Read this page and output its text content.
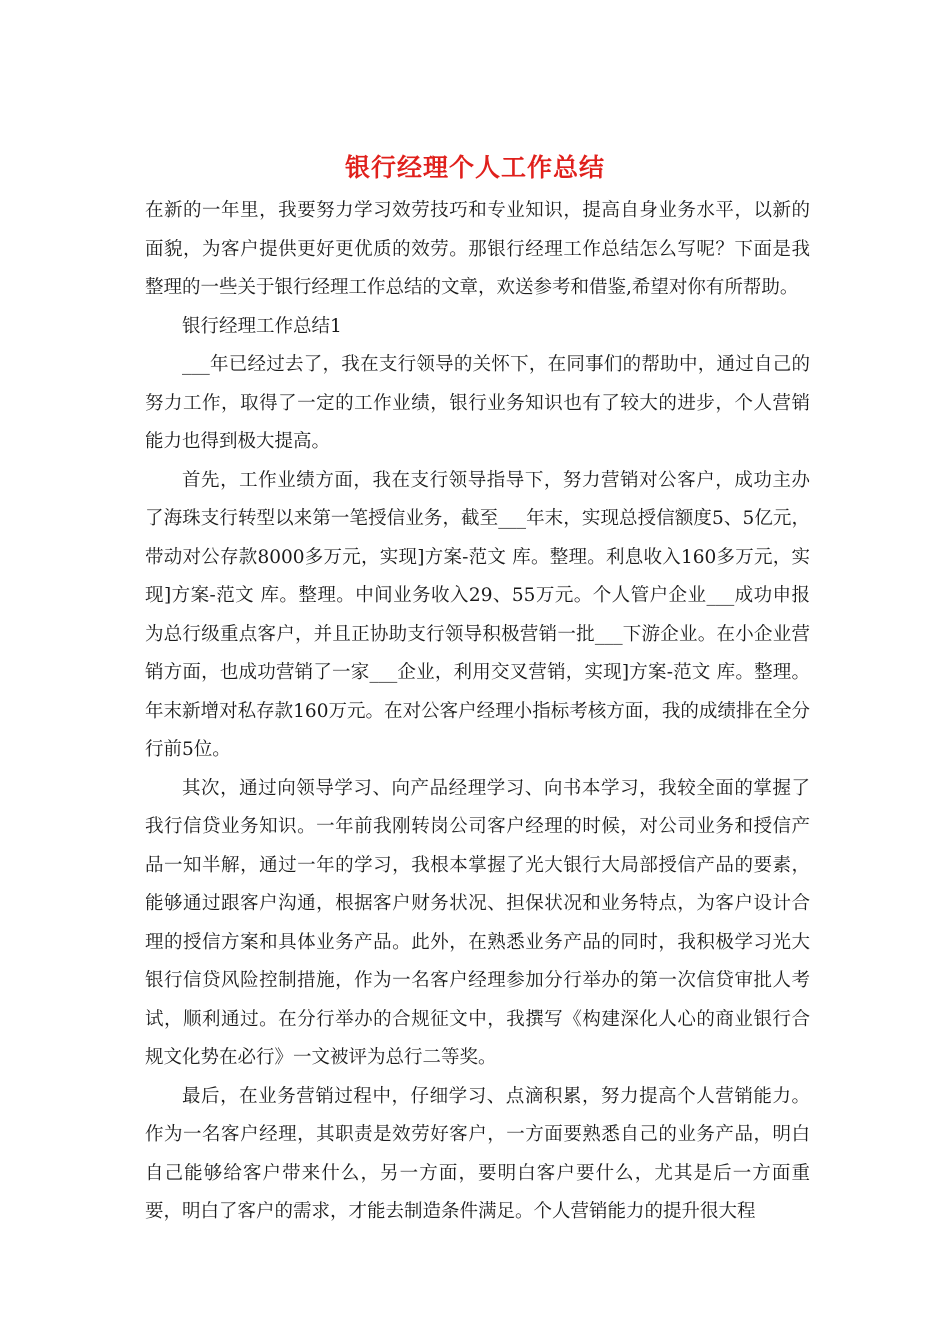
银行经理个人工作总结

在新的一年里，我要努力学习效劳技巧和专业知识，提高自身业务水平，以新的面貌，为客户提供更好更优质的效劳。那银行经理工作总结怎么写呢？下面是我整理的一些关于银行经理工作总结的文章，欢送参考和借鉴,希望对你有所帮助。

银行经理工作总结1

___年已经过去了，我在支行领导的关怀下，在同事们的帮助中，通过自己的努力工作，取得了一定的工作业绩，银行业务知识也有了较大的进步，个人营销能力也得到极大提高。

首先，工作业绩方面，我在支行领导指导下，努力营销对公客户，成功主办了海珠支行转型以来第一笔授信业务，截至___年末，实现总授信额度5、5亿元，带动对公存款8000多万元，实现]方案-范文 库。整理。利息收入160多万元，实现]方案-范文 库。整理。中间业务收入29、55万元。个人管户企业___成功申报为总行级重点客户，并且正协助支行领导积极营销一批___下游企业。在小企业营销方面，也成功营销了一家___企业，利用交叉营销，实现]方案-范文 库。整理。年末新增对私存款160万元。在对公客户经理小指标考核方面，我的成绩排在全分行前5位。

其次，通过向领导学习、向产品经理学习、向书本学习，我较全面的掌握了我行信贷业务知识。一年前我刚转岗公司客户经理的时候，对公司业务和授信产品一知半解，通过一年的学习，我根本掌握了光大银行大局部授信产品的要素，能够通过跟客户沟通，根据客户财务状况、担保状况和业务特点，为客户设计合理的授信方案和具体业务产品。此外，在熟悉业务产品的同时，我积极学习光大银行信贷风险控制措施，作为一名客户经理参加分行举办的第一次信贷审批人考试，顺利通过。在分行举办的合规征文中，我撰写《构建深化人心的商业银行合规文化势在必行》一文被评为总行二等奖。

最后，在业务营销过程中，仔细学习、点滴积累，努力提高个人营销能力。作为一名客户经理，其职责是效劳好客户，一方面要熟悉自己的业务产品，明白自己能够给客户带来什么，另一方面，要明白客户要什么，尤其是后一方面重要，明白了客户的需求，才能去制造条件满足。个人营销能力的提升很大程
